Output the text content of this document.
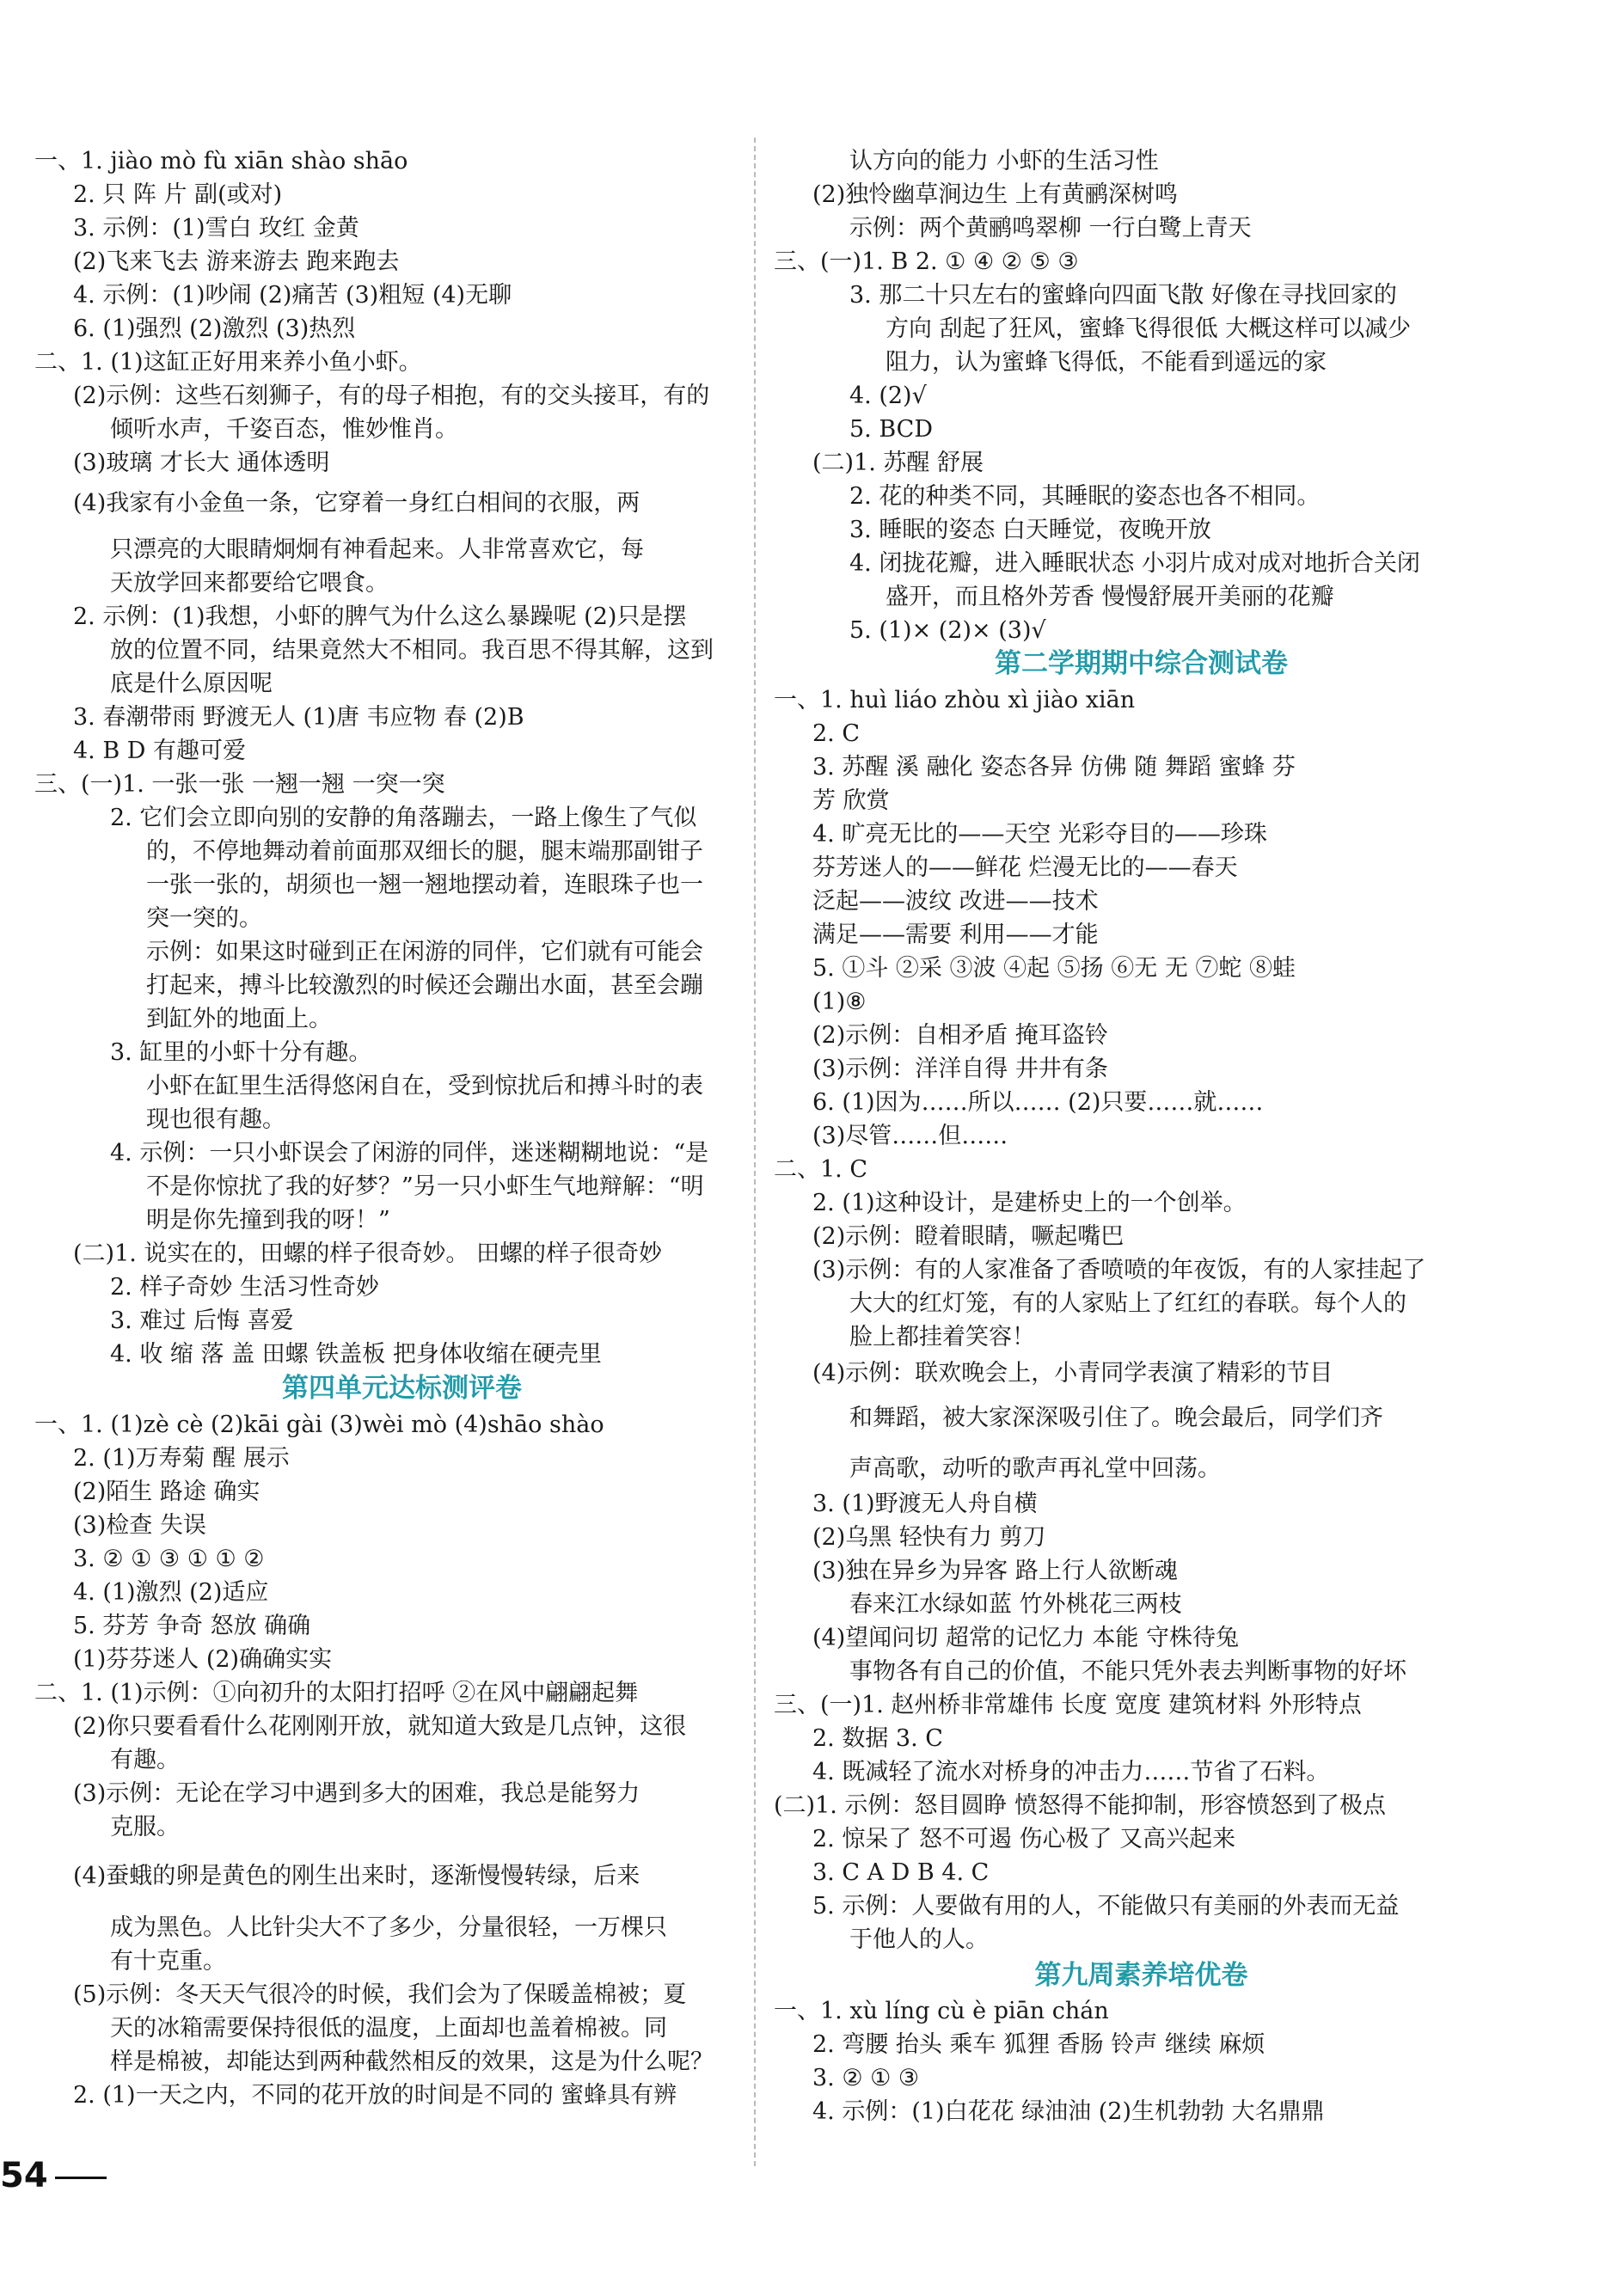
一、1. jiào mò fù xiān shào shāo
2. 只 阵 片 副(或对)
3. 示例：(1)雪白 玫红 金黄
(2)飞来飞去 游来游去 跑来跑去
4. 示例：(1)吵闹 (2)痛苦 (3)粗短 (4)无聊
6. (1)强烈 (2)激烈 (3)热烈
二、1. (1)这缸正好用来养小鱼小虾。
(2)示例：这些石刻狮子，有的母子相抱，有的交头接耳，有的
倾听水声，千姿百态，惟妙惟肖。
(3)玻璃 才长大 通体透明
(4)我家有小金鱼一条，它穿着一身红白相间的衣服，两
只漂亮的大眼睛炯炯有神看起来。人非常喜欢它，每
天放学回来都要给它喂食。
2. 示例：(1)我想，小虾的脾气为什么这么暴躁呢 (2)只是摆
放的位置不同，结果竟然大不相同。我百思不得其解，这到
底是什么原因呢
3. 春潮带雨 野渡无人 (1)唐 韦应物 春 (2)B
4. B D 有趣可爱
三、(一)1. 一张一张 一翘一翘 一突一突
2. 它们会立即向别的安静的角落蹦去，一路上像生了气似
的，不停地舞动着前面那双细长的腿，腿末端那副钳子
一张一张的，胡须也一翘一翘地摆动着，连眼珠子也一
突一突的。
示例：如果这时碰到正在闲游的同伴，它们就有可能会
打起来，搏斗比较激烈的时候还会蹦出水面，甚至会蹦
到缸外的地面上。
3. 缸里的小虾十分有趣。
小虾在缸里生活得悠闲自在，受到惊扰后和搏斗时的表
现也很有趣。
4. 示例：一只小虾误会了闲游的同伴，迷迷糊糊地说：“是
不是你惊扰了我的好梦？”另一只小虾生气地辩解：“明
明是你先撞到我的呀！”
(二)1. 说实在的，田螺的样子很奇妙。 田螺的样子很奇妙
2. 样子奇妙 生活习性奇妙
3. 难过 后悔 喜爱
4. 收 缩 落 盖 田螺 铁盖板 把身体收缩在硬壳里
第四单元达标测评卷
一、1. (1)zè cè (2)kāi gài (3)wèi mò (4)shāo shào
2. (1)万寿菊 醒 展示
(2)陌生 路途 确实
(3)检查 失误
3. ② ① ③ ① ① ②
4. (1)激烈 (2)适应
5. 芬芳 争奇 怒放 确确
(1)芬芬迷人 (2)确确实实
二、1. (1)示例：①向初升的太阳打招呼 ②在风中翩翩起舞
(2)你只要看看什么花刚刚开放，就知道大致是几点钟，这很
有趣。
(3)示例：无论在学习中遇到多大的困难，我总是能努力
克服。
(4)蚕蛾的卵是黄色的刚生出来时，逐渐慢慢转绿，后来
成为黑色。人比针尖大不了多少，分量很轻，一万棵只
有十克重。
(5)示例：冬天天气很冷的时候，我们会为了保暖盖棉被；夏
天的冰箱需要保持很低的温度，上面却也盖着棉被。同
样是棉被，却能达到两种截然相反的效果，这是为什么呢？
2. (1)一天之内，不同的花开放的时间是不同的 蜜蜂具有辨
认方向的能力 小虾的生活习性
(2)独怜幽草涧边生 上有黄鹂深树鸣
示例：两个黄鹂鸣翠柳 一行白鹭上青天
三、(一)1. B 2. ① ④ ② ⑤ ③
3. 那二十只左右的蜜蜂向四面飞散 好像在寻找回家的
方向 刮起了狂风，蜜蜂飞得很低 大概这样可以减少
阻力，认为蜜蜂飞得低，不能看到遥远的家
4. (2)√
5. BCD
(二)1. 苏醒 舒展
2. 花的种类不同，其睡眠的姿态也各不相同。
3. 睡眠的姿态 白天睡觉，夜晚开放
4. 闭拢花瓣，进入睡眠状态 小羽片成对成对地折合关闭
盛开，而且格外芳香 慢慢舒展开美丽的花瓣
5. (1)× (2)× (3)√
第二学期期中综合测试卷
一、1. huì liáo zhòu xì jiào xiān
2. C
3. 苏醒 溪 融化 姿态各异 仿佛 随 舞蹈 蜜蜂 芬
芳 欣赏
4. 旷亮无比的——天空 光彩夺目的——珍珠
芬芳迷人的——鲜花 烂漫无比的——春天
泛起——波纹 改进——技术
满足——需要 利用——才能
5. ①斗 ②采 ③波 ④起 ⑤扬 ⑥无 无 ⑦蛇 ⑧蛙
(1)⑧
(2)示例：自相矛盾 掩耳盗铃
(3)示例：洋洋自得 井井有条
6. (1)因为……所以…… (2)只要……就……
(3)尽管……但……
二、1. C
2. (1)这种设计，是建桥史上的一个创举。
(2)示例：瞪着眼睛，噘起嘴巴
(3)示例：有的人家准备了香喷喷的年夜饭，有的人家挂起了
大大的红灯笼，有的人家贴上了红红的春联。每个人的
脸上都挂着笑容！
(4)示例：联欢晚会上，小青同学表演了精彩的节目
和舞蹈，被大家深深吸引住了。晚会最后，同学们齐
声高歌，动听的歌声再礼堂中回荡。
3. (1)野渡无人舟自横
(2)乌黑 轻快有力 剪刀
(3)独在异乡为异客 路上行人欲断魂
春来江水绿如蓝 竹外桃花三两枝
(4)望闻问切 超常的记忆力 本能 守株待兔
事物各有自己的价值，不能只凭外表去判断事物的好坏
三、(一)1. 赵州桥非常雄伟 长度 宽度 建筑材料 外形特点
2. 数据 3. C
4. 既减轻了流水对桥身的冲击力……节省了石料。
(二)1. 示例：怒目圆睁 愤怒得不能抑制，形容愤怒到了极点
2. 惊呆了 怒不可遏 伤心极了 又高兴起来
3. C A D B 4. C
5. 示例：人要做有用的人，不能做只有美丽的外表而无益
于他人的人。
第九周素养培优卷
一、1. xù líng cù è piān chán
2. 弯腰 抬头 乘车 狐狸 香肠 铃声 继续 麻烦
3. ② ① ③
4. 示例：(1)白花花 绿油油 (2)生机勃勃 大名鼎鼎
54
